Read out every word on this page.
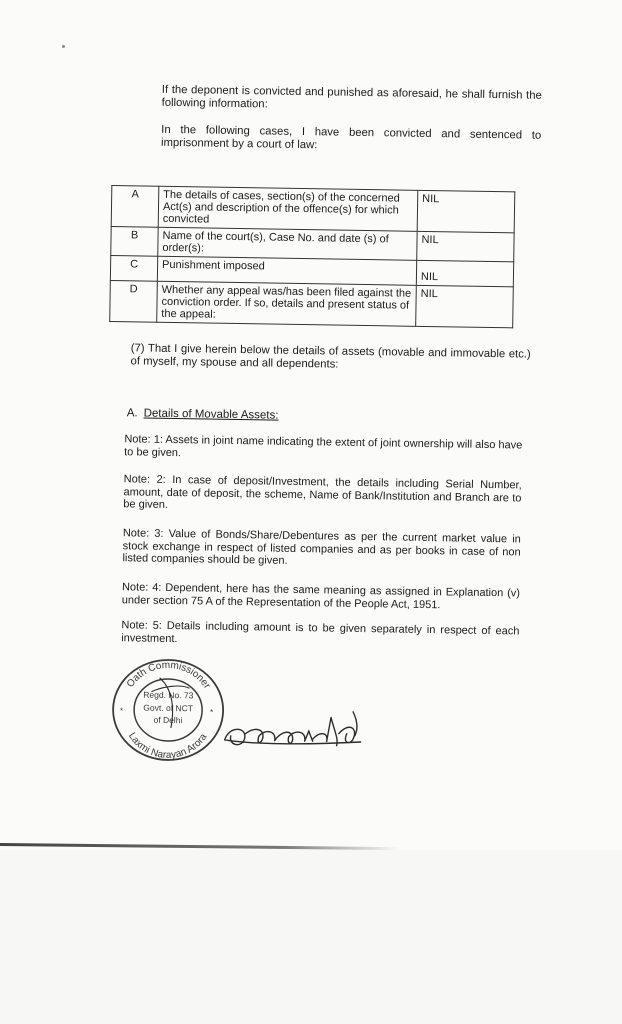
If the deponent is convicted and punished as aforesaid, he shall furnish the following information:
In the following cases, I have been convicted and sentenced to imprisonment by a court of law:
A	The details of cases, section(s) of the concerned Act(s) and description of the offence(s) for which convicted	NIL
B	Name of the court(s), Case No. and date (s) of order(s):	NIL
C	Punishment imposed	NIL
D	Whether any appeal was/has been filed against the conviction order. If so, details and present status of the appeal:	NIL
(7) That I give herein below the details of assets (movable and immovable etc.) of myself, my spouse and all dependents:
A. Details of Movable Assets:
Note: 1: Assets in joint name indicating the extent of joint ownership will also have to be given.
Note: 2: In case of deposit/Investment, the details including Serial Number, amount, date of deposit, the scheme, Name of Bank/Institution and Branch are to be given.
Note: 3: Value of Bonds/Share/Debentures as per the current market value in stock exchange in respect of listed companies and as per books in case of non listed companies should be given.
Note: 4: Dependent, here has the same meaning as assigned in Explanation (v) under section 75 A of the Representation of the People Act, 1951.
Note: 5: Details including amount is to be given separately in respect of each investment.
Oath Commissioner
Laxmi Narayan Arora
Regd. No. 73
Govt. of NCT
of Delhi
*	*
